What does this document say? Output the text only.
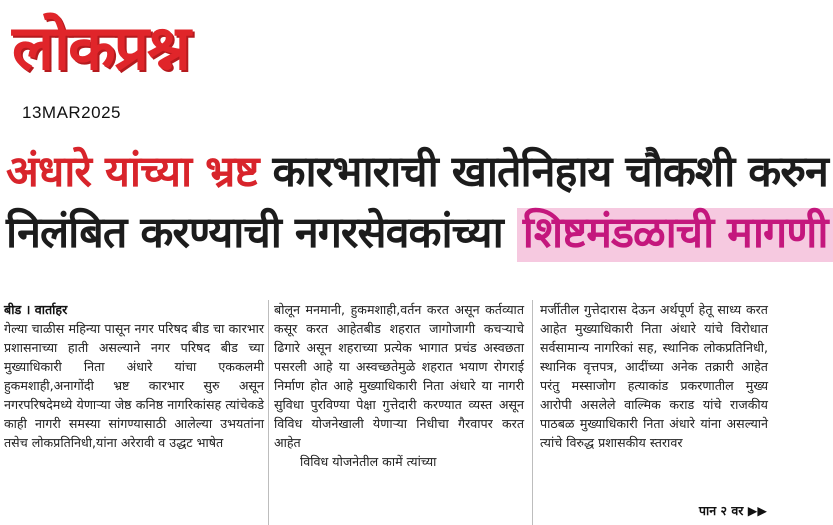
लोकप्रश्न
13MAR2025
अंधारे यांच्या भ्रष्ट कारभाराची खातेनिहाय चौकशी करुन
निलंबित करण्याची नगरसेवकांच्या शिष्टमंडळाची मागणी

बीड । वार्ताहर

गेल्या चाळीस महिन्या पासून नगर परिषद बीड चा कारभार प्रशासनाच्या हाती असल्याने नगर परिषद बीड च्या मुख्याधिकारी निता अंधारे यांचा एककलमी हुकमशाही,अनागोंदी भ्रष्ट कारभार सुरु असून नगरपरिषदेमध्ये येणाऱ्या जेष्ठ कनिष्ठ नागरिकांसह त्यांचेकडे काही नागरी समस्या सांगण्यासाठी आलेल्या उभयतांना तसेच लोकप्रतिनिधी,यांना अरेरावी व उद्धट भाषेत

बोलून मनमानी, हुकमशाही,वर्तन करत असून कर्तव्यात कसूर करत आहेतबीड शहरात जागोजागी कचऱ्याचे ढिगारे असून शहराच्या प्रत्येक भागात प्रचंड अस्वछता पसरली आहे या अस्वच्छतेमुळे शहरात भयाण रोगराई निर्माण होत आहे मुख्याधिकारी निता अंधारे या नागरी सुविधा पुरविण्या पेक्षा गुत्तेदारी करण्यात व्यस्त असून विविध योजनेखाली येणाऱ्या निधीचा गैरवापर करत आहेत

विविध योजनेतील कामें त्यांच्या

मर्जीतील गुत्तेदारास देऊन अर्थपूर्ण हेतू साध्य करत आहेत मुख्याधिकारी निता अंधारे यांचे विरोधात सर्वसामान्य नागरिकां सह, स्थानिक लोकप्रतिनिधी, स्थानिक वृत्तपत्र, आदींच्या अनेक तक्रारी आहेत परंतु मस्साजोग हत्याकांड प्रकरणातील मुख्य आरोपी असलेले वाल्मिक कराड यांचे राजकीय पाठबळ मुख्याधिकारी निता अंधारे यांना असल्याने त्यांचे विरुद्ध प्रशासकीय स्तरावर

पान २ वर ▶▶
